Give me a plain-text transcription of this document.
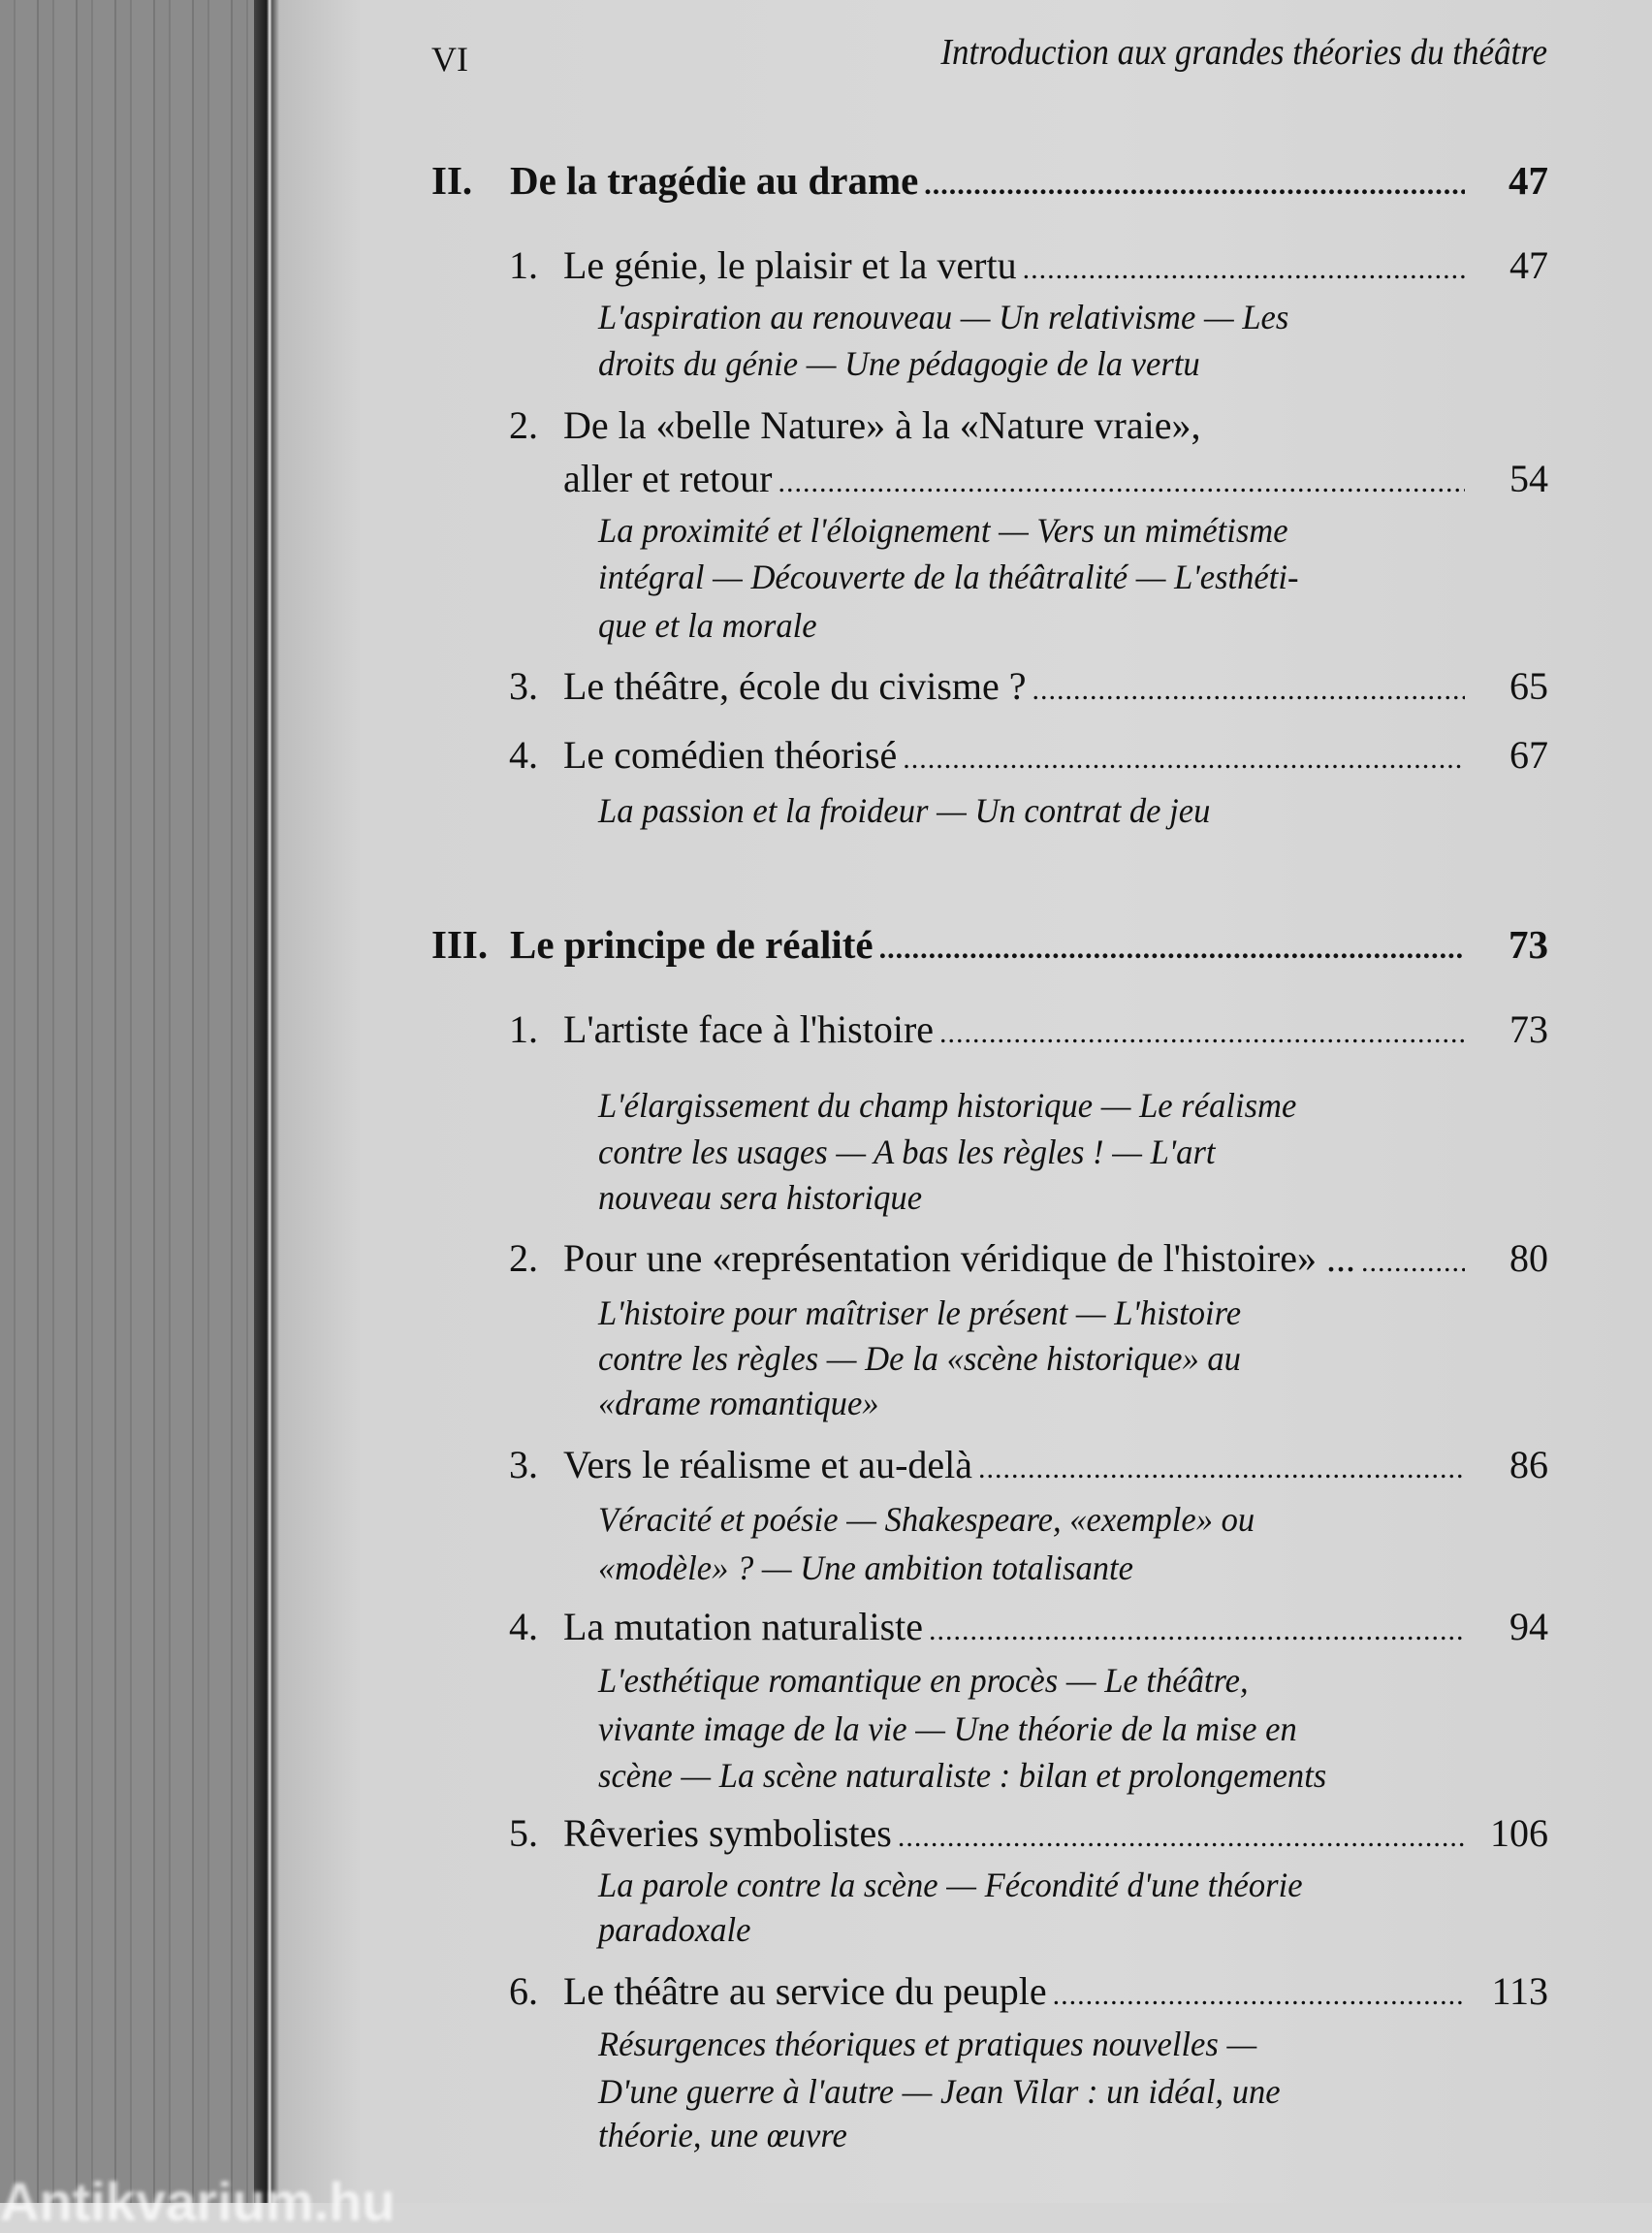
VI	Introduction aux grandes théories du théâtre
II. De la tragédie au drame .....	47
1. Le génie, le plaisir et la vertu .....	47
L'aspiration au renouveau — Un relativisme — Les
droits du génie — Une pédagogie de la vertu
2. De la «belle Nature» à la «Nature vraie»,
aller et retour .....	54
La proximité et l'éloignement — Vers un mimétisme
intégral — Découverte de la théâtralité — L'esthéti-
que et la morale
3. Le théâtre, école du civisme ? .....	65
4. Le comédien théorisé .....	67
La passion et la froideur — Un contrat de jeu
III. Le principe de réalité .....	73
1. L'artiste face à l'histoire .....	73
L'élargissement du champ historique — Le réalisme
contre les usages — A bas les règles ! — L'art
nouveau sera historique
2. Pour une «représentation véridique de l'histoire» ... .....	80
L'histoire pour maîtriser le présent — L'histoire
contre les règles — De la «scène historique» au
«drame romantique»
3. Vers le réalisme et au-delà .....	86
Véracité et poésie — Shakespeare, «exemple» ou
«modèle» ? — Une ambition totalisante
4. La mutation naturaliste .....	94
L'esthétique romantique en procès — Le théâtre,
vivante image de la vie — Une théorie de la mise en
scène — La scène naturaliste : bilan et prolongements
5. Rêveries symbolistes .....	106
La parole contre la scène — Fécondité d'une théorie
paradoxale
6. Le théâtre au service du peuple .....	113
Résurgences théoriques et pratiques nouvelles —
D'une guerre à l'autre — Jean Vilar : un idéal, une
théorie, une œuvre
Antikvarium.hu
